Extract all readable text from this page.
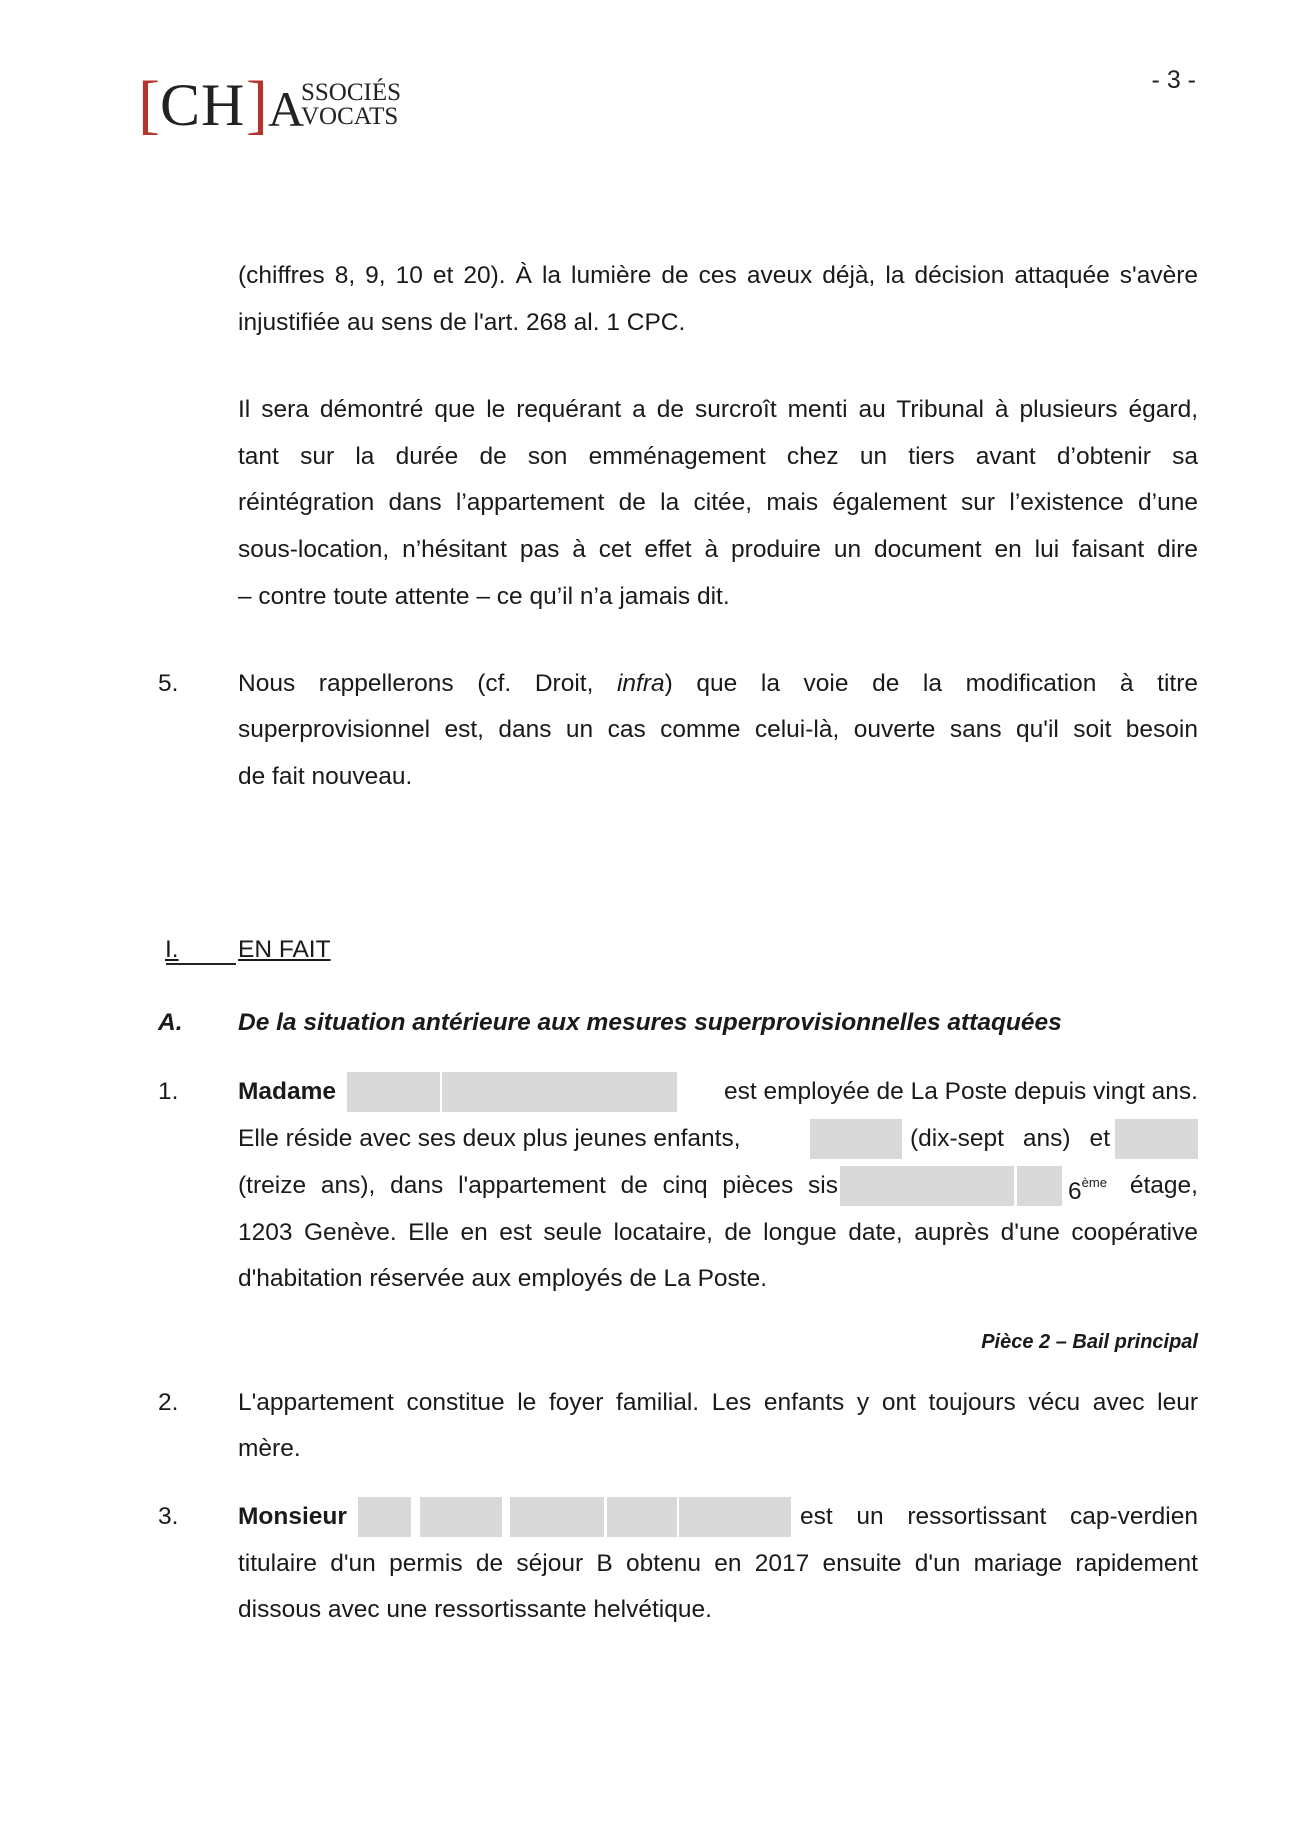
[ CH ] A
SSOCIÉS
VOCATS
- 3 -
(chiffres 8, 9, 10 et 20). À la lumière de ces aveux déjà, la décision attaquée s'avère
injustifiée au sens de l'art. 268 al. 1 CPC.
Il sera démontré que le requérant a de surcroît menti au Tribunal à plusieurs égard,
tant sur la durée de son emménagement chez un tiers avant d’obtenir sa
réintégration dans l’appartement de la citée, mais également sur l’existence d’une
sous-location, n’hésitant pas à cet effet à produire un document en lui faisant dire
– contre toute attente – ce qu’il n’a jamais dit.
5. Nous rappellerons (cf. Droit, infra) que la voie de la modification à titre
superprovisionnel est, dans un cas comme celui-là, ouverte sans qu'il soit besoin
de fait nouveau.
I. EN FAIT
A. De la situation antérieure aux mesures superprovisionnelles attaquées
1. Madame	est employée de La Poste depuis vingt ans.
Elle réside avec ses deux plus jeunes enfants,	(dix-sept ans) et
(treize ans), dans l'appartement de cinq pièces sis	6ème étage,
1203 Genève. Elle en est seule locataire, de longue date, auprès d'une coopérative
d'habitation réservée aux employés de La Poste.
Pièce 2 – Bail principal
2. L'appartement constitue le foyer familial. Les enfants y ont toujours vécu avec leur
mère.
3. Monsieur	est un ressortissant cap-verdien
titulaire d'un permis de séjour B obtenu en 2017 ensuite d'un mariage rapidement
dissous avec une ressortissante helvétique.
